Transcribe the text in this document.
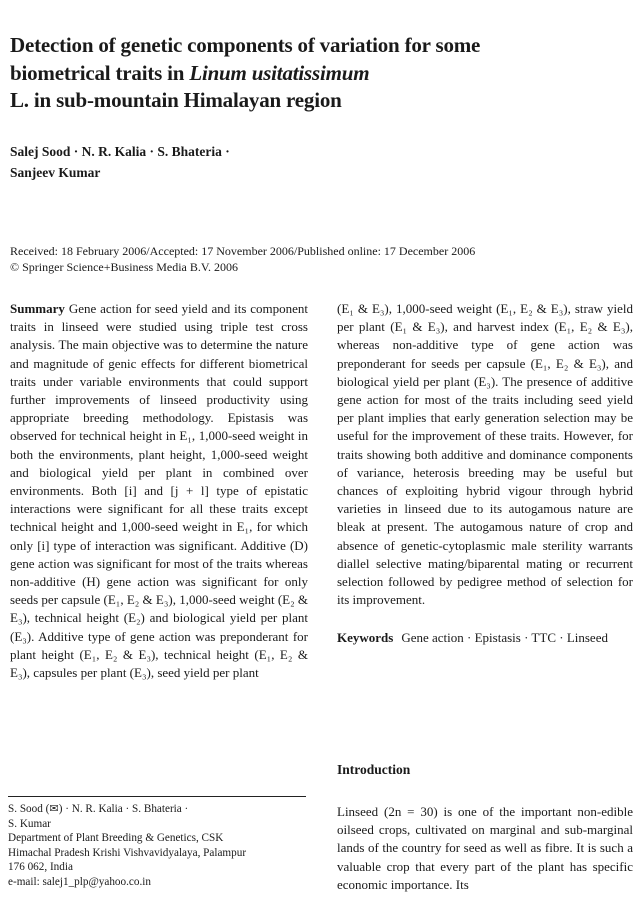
Detection of genetic components of variation for some
biometrical traits in Linum usitatissimum
L. in sub-mountain Himalayan region
Salej Sood · N. R. Kalia · S. Bhateria ·
Sanjeev Kumar
Received: 18 February 2006/Accepted: 17 November 2006/Published online: 17 December 2006
© Springer Science+Business Media B.V. 2006

Summary Gene action for seed yield and its component traits in linseed were studied using triple test cross analysis. The main objective was to determine the nature and magnitude of genic effects for different biometrical traits under variable environments that could support further improvements of linseed productivity using appropriate breeding methodology. Epistasis was observed for technical height in E₁, 1,000-seed weight in both the environments, plant height, 1,000-seed weight and biological yield per plant in combined over environments. Both [i] and [j + l] type of epistatic interactions were significant for all these traits except technical height and 1,000-seed weight in E₁, for which only [i] type of interaction was significant. Additive (D) gene action was significant for most of the traits whereas non-additive (H) gene action was significant for only seeds per capsule (E₁, E₂ & E₃), 1,000-seed weight (E₂ & E₃), technical height (E₂) and biological yield per plant (E₃). Additive type of gene action was preponderant for plant height (E₁, E₂ & E₃), technical height (E₁, E₂ & E₃), capsules per plant (E₃), seed yield per plant

(E₁ & E₃), 1,000-seed weight (E₁, E₂ & E₃), straw yield per plant (E₁ & E₃), and harvest index (E₁, E₂ & E₃), whereas non-additive type of gene action was preponderant for seeds per capsule (E₁, E₂ & E₃), and biological yield per plant (E₃). The presence of additive gene action for most of the traits including seed yield per plant implies that early generation selection may be useful for the improvement of these traits. However, for traits showing both additive and dominance components of variance, heterosis breeding may be useful but chances of exploiting hybrid vigour through hybrid varieties in linseed due to its autogamous nature are bleak at present. The autogamous nature of crop and absence of genetic-cytoplasmic male sterility warrants diallel selective mating/biparental mating or recurrent selection followed by pedigree method of selection for its improvement.

Keywords Gene action · Epistasis · TTC · Linseed

Introduction
Linseed (2n = 30) is one of the important non-edible oilseed crops, cultivated on marginal and sub-marginal lands of the country for seed as well as fibre. It is such a valuable crop that every part of the plant has specific economic importance. Its
S. Sood (✉) · N. R. Kalia · S. Bhateria ·
S. Kumar
Department of Plant Breeding & Genetics, CSK
Himachal Pradesh Krishi Vishvavidyalaya, Palampur
176 062, India
e-mail: salej1_plp@yahoo.co.in
